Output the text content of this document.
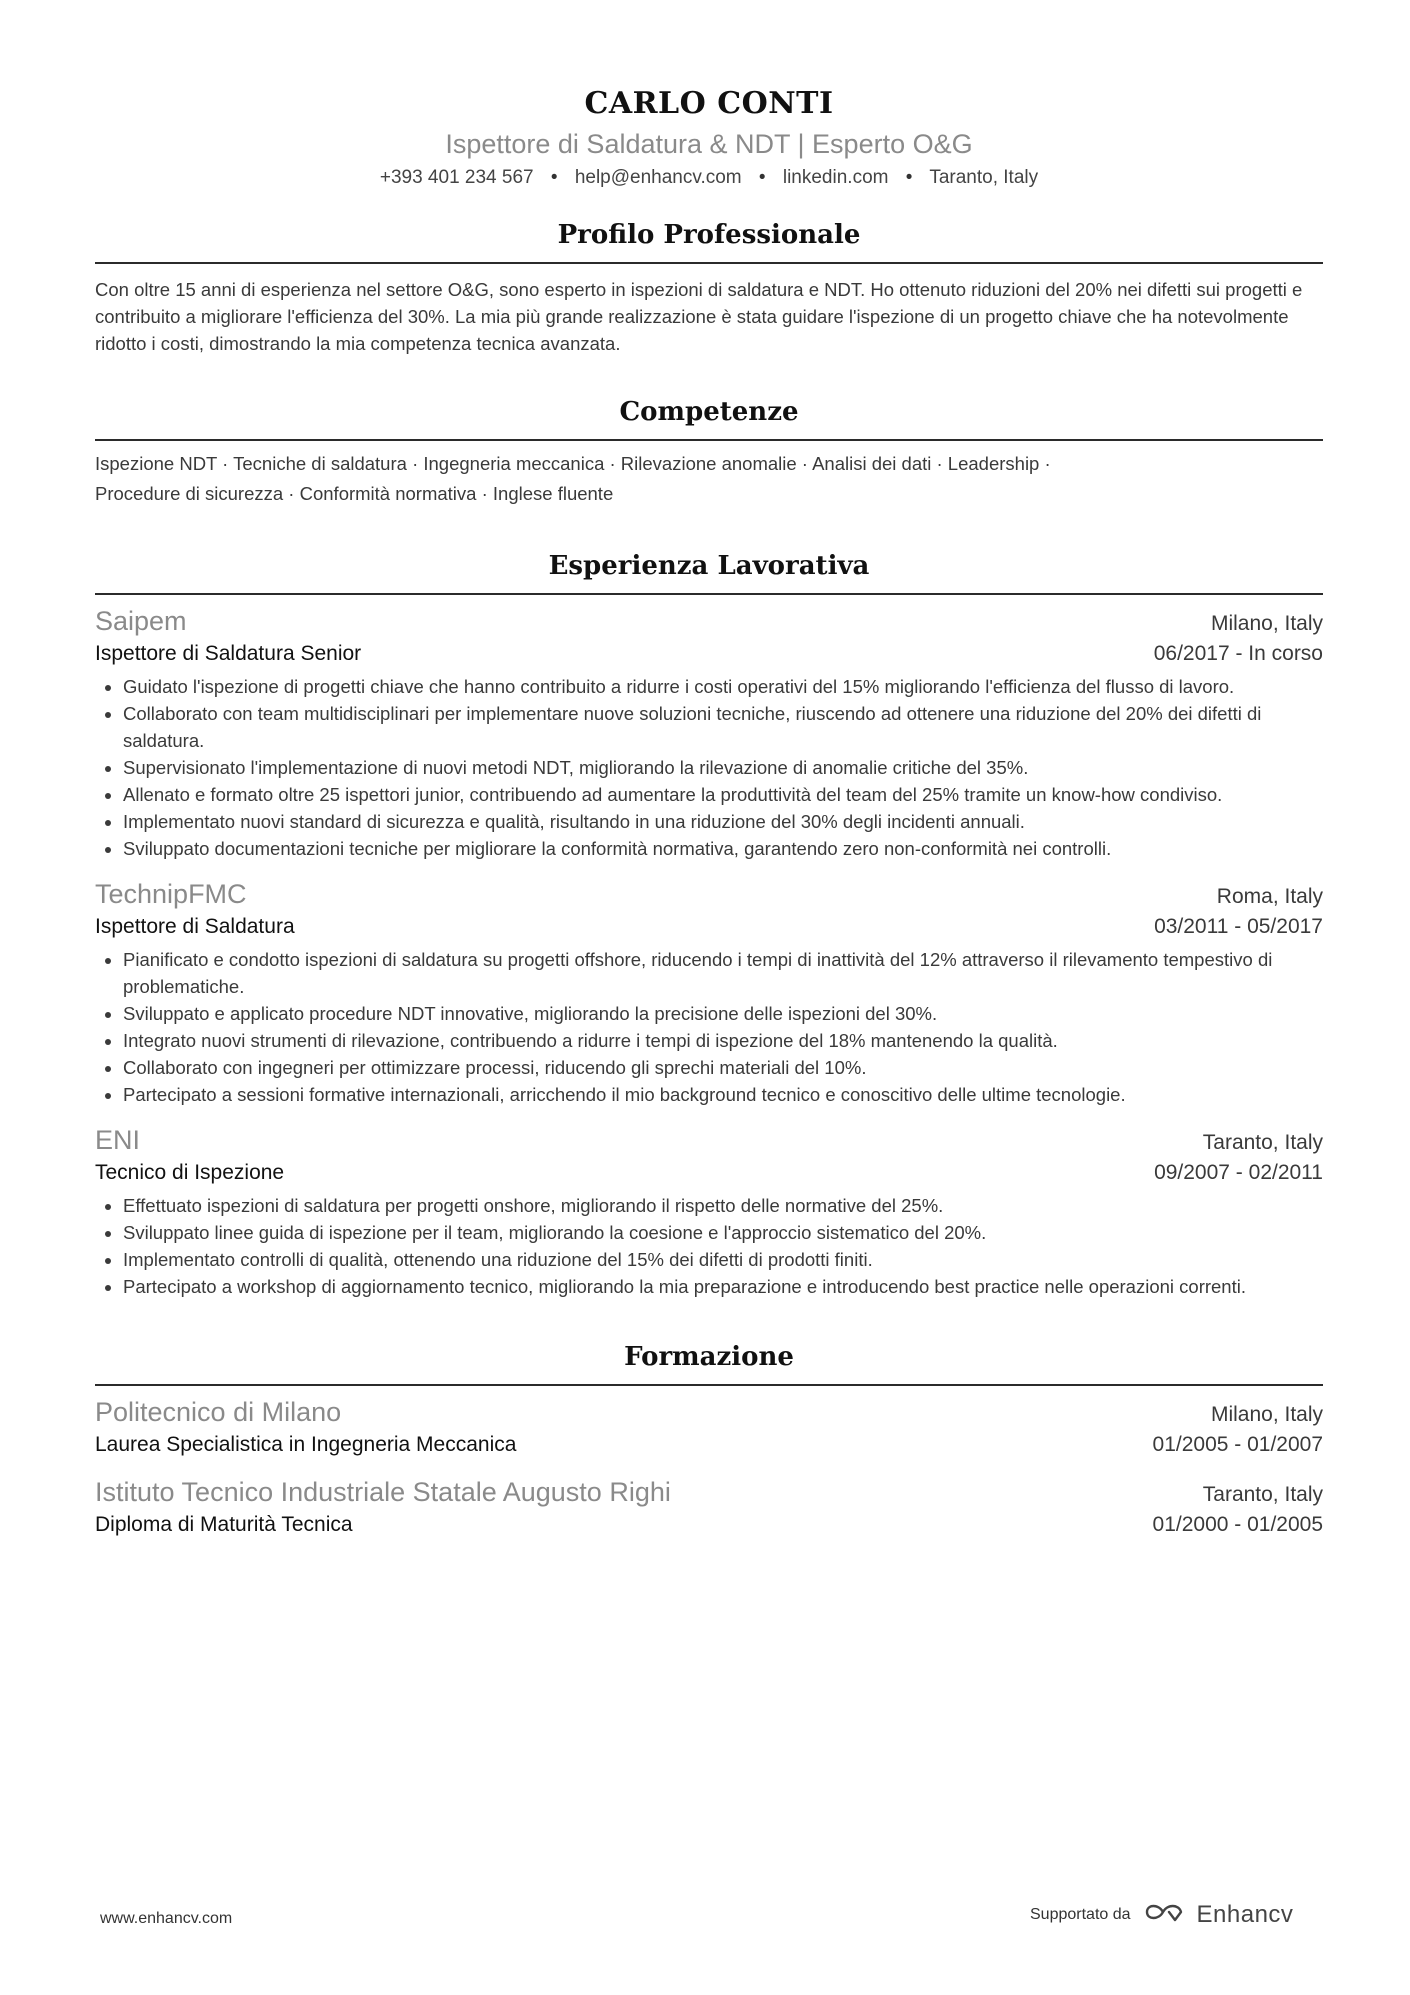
CARLO CONTI
Ispettore di Saldatura & NDT | Esperto O&G
+393 401 234 567 • help@enhancv.com • linkedin.com • Taranto, Italy
Profilo Professionale
Con oltre 15 anni di esperienza nel settore O&G, sono esperto in ispezioni di saldatura e NDT. Ho ottenuto riduzioni del 20% nei difetti sui progetti e contribuito a migliorare l'efficienza del 30%. La mia più grande realizzazione è stata guidare l'ispezione di un progetto chiave che ha notevolmente ridotto i costi, dimostrando la mia competenza tecnica avanzata.
Competenze
Ispezione NDT · Tecniche di saldatura · Ingegneria meccanica · Rilevazione anomalie · Analisi dei dati · Leadership ·
Procedure di sicurezza · Conformità normativa · Inglese fluente
Esperienza Lavorativa
Saipem	Milano, Italy
Ispettore di Saldatura Senior	06/2017 - In corso
• Guidato l'ispezione di progetti chiave che hanno contribuito a ridurre i costi operativi del 15% migliorando l'efficienza del flusso di lavoro.
• Collaborato con team multidisciplinari per implementare nuove soluzioni tecniche, riuscendo ad ottenere una riduzione del 20% dei difetti di saldatura.
• Supervisionato l'implementazione di nuovi metodi NDT, migliorando la rilevazione di anomalie critiche del 35%.
• Allenato e formato oltre 25 ispettori junior, contribuendo ad aumentare la produttività del team del 25% tramite un know-how condiviso.
• Implementato nuovi standard di sicurezza e qualità, risultando in una riduzione del 30% degli incidenti annuali.
• Sviluppato documentazioni tecniche per migliorare la conformità normativa, garantendo zero non-conformità nei controlli.
TechnipFMC	Roma, Italy
Ispettore di Saldatura	03/2011 - 05/2017
• Pianificato e condotto ispezioni di saldatura su progetti offshore, riducendo i tempi di inattività del 12% attraverso il rilevamento tempestivo di problematiche.
• Sviluppato e applicato procedure NDT innovative, migliorando la precisione delle ispezioni del 30%.
• Integrato nuovi strumenti di rilevazione, contribuendo a ridurre i tempi di ispezione del 18% mantenendo la qualità.
• Collaborato con ingegneri per ottimizzare processi, riducendo gli sprechi materiali del 10%.
• Partecipato a sessioni formative internazionali, arricchendo il mio background tecnico e conoscitivo delle ultime tecnologie.
ENI	Taranto, Italy
Tecnico di Ispezione	09/2007 - 02/2011
• Effettuato ispezioni di saldatura per progetti onshore, migliorando il rispetto delle normative del 25%.
• Sviluppato linee guida di ispezione per il team, migliorando la coesione e l'approccio sistematico del 20%.
• Implementato controlli di qualità, ottenendo una riduzione del 15% dei difetti di prodotti finiti.
• Partecipato a workshop di aggiornamento tecnico, migliorando la mia preparazione e introducendo best practice nelle operazioni correnti.
Formazione
Politecnico di Milano	Milano, Italy
Laurea Specialistica in Ingegneria Meccanica	01/2005 - 01/2007
Istituto Tecnico Industriale Statale Augusto Righi	Taranto, Italy
Diploma di Maturità Tecnica	01/2000 - 01/2005
www.enhancv.com	Supportato da	Enhancv
